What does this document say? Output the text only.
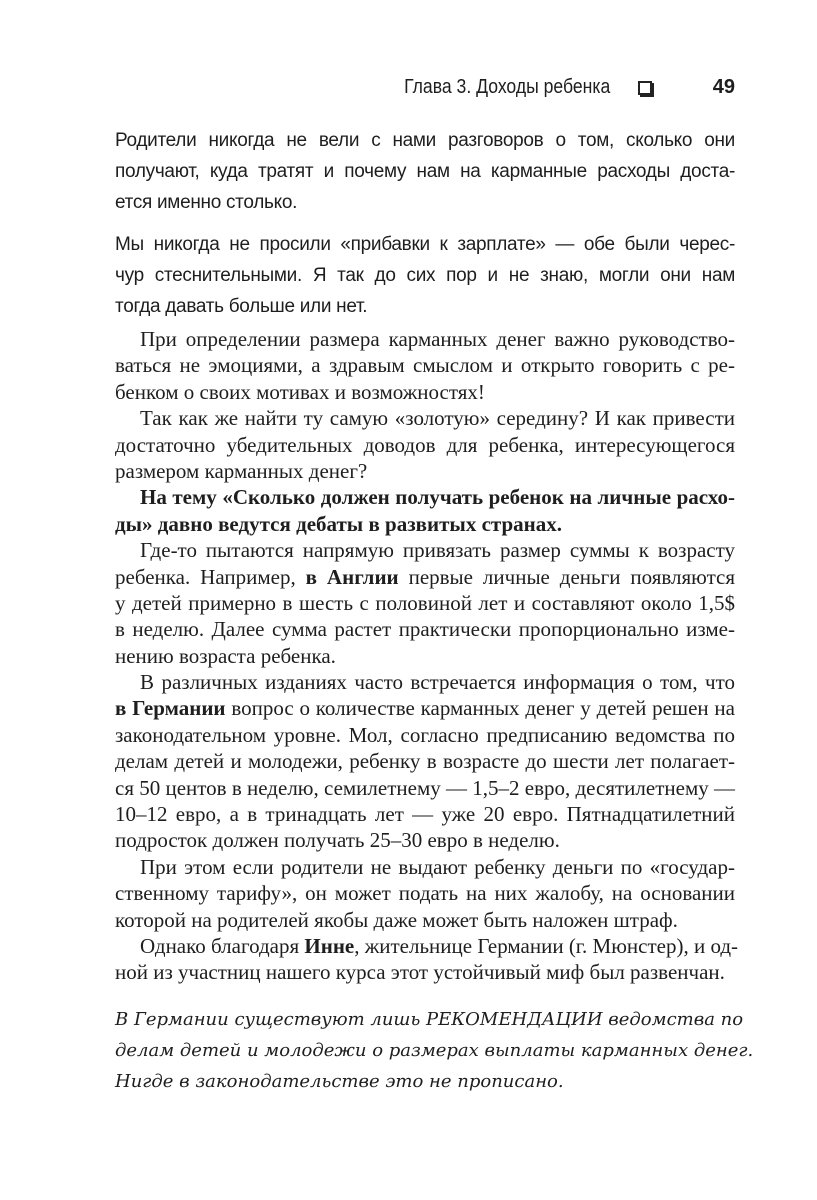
Глава 3. Доходы ребенка	49
Родители никогда не вели с нами разговоров о том, сколько они
получают, куда тратят и почему нам на карманные расходы доста-
ется именно столько.
Мы никогда не просили «прибавки к зарплате» — обе были черес-
чур стеснительными. Я так до сих пор и не знаю, могли они нам
тогда давать больше или нет.
При определении размера карманных денег важно руководство-
ваться не эмоциями, а здравым смыслом и открыто говорить с ре-
бенком о своих мотивах и возможностях!
Так как же найти ту самую «золотую» середину? И как привести
достаточно убедительных доводов для ребенка, интересующегося
размером карманных денег?
На тему «Сколько должен получать ребенок на личные расхо-
ды» давно ведутся дебаты в развитых странах.
Где-то пытаются напрямую привязать размер суммы к возрасту
ребенка. Например, в Англии первые личные деньги появляются
у детей примерно в шесть с половиной лет и составляют около 1,5$
в неделю. Далее сумма растет практически пропорционально изме-
нению возраста ребенка.
В различных изданиях часто встречается информация о том, что
в Германии вопрос о количестве карманных денег у детей решен на
законодательном уровне. Мол, согласно предписанию ведомства по
делам детей и молодежи, ребенку в возрасте до шести лет полагает-
ся 50 центов в неделю, семилетнему — 1,5–2 евро, десятилетнему —
10–12 евро, а в тринадцать лет — уже 20 евро. Пятнадцатилетний
подросток должен получать 25–30 евро в неделю.
При этом если родители не выдают ребенку деньги по «государ-
ственному тарифу», он может подать на них жалобу, на основании
которой на родителей якобы даже может быть наложен штраф.
Однако благодаря Инне, жительнице Германии (г. Мюнстер), и од-
ной из участниц нашего курса этот устойчивый миф был развенчан.
В Германии существуют лишь РЕКОМЕНДАЦИИ ведомства по
делам детей и молодежи о размерах выплаты карманных денег.
Нигде в законодательстве это не прописано.
